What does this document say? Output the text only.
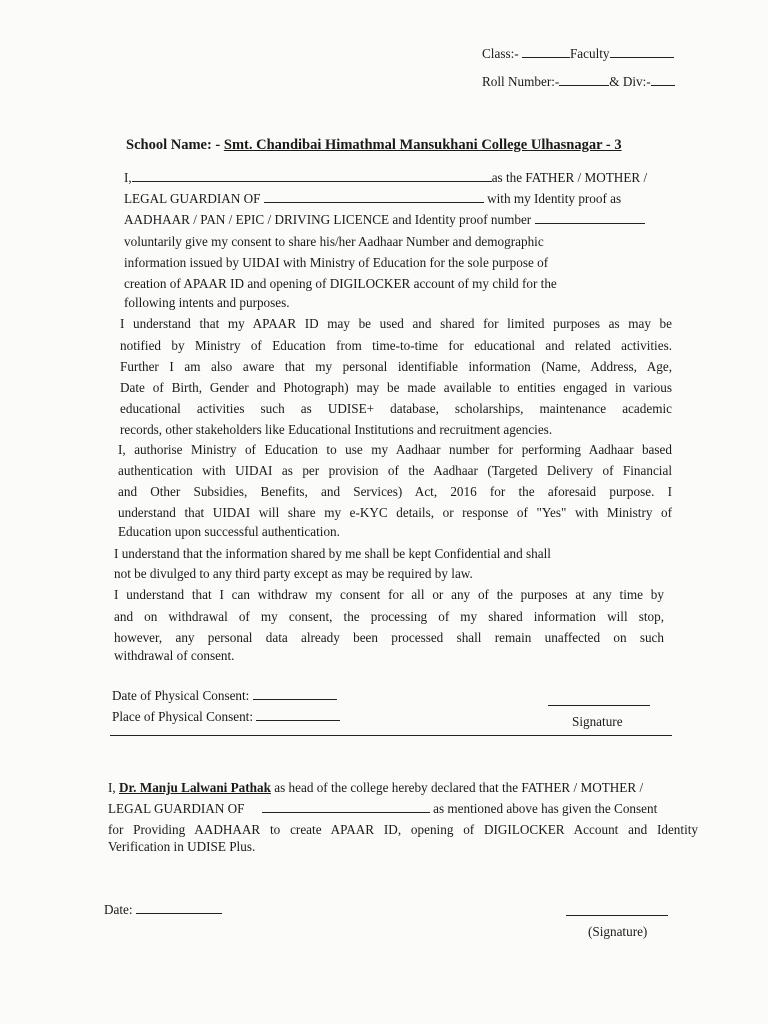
Class:-	Faculty
Roll Number:-	& Div:-
School Name: - Smt. Chandibai Himathmal Mansukhani College Ulhasnagar - 3
I,	as the FATHER / MOTHER /
LEGAL GUARDIAN OF	with my Identity proof as
AADHAAR / PAN / EPIC / DRIVING LICENCE and Identity proof number
voluntarily give my consent to share his/her Aadhaar Number and demographic
information issued by UIDAI with Ministry of Education for the sole purpose of
creation of APAAR ID and opening of DIGILOCKER account of my child for the
following intents and purposes.
I understand that my APAAR ID may be used and shared for limited purposes as may be
notified by Ministry of Education from time-to-time for educational and related activities.
Further I am also aware that my personal identifiable information (Name, Address, Age,
Date of Birth, Gender and Photograph) may be made available to entities engaged in various
educational activities such as UDISE+ database, scholarships, maintenance academic
records, other stakeholders like Educational Institutions and recruitment agencies.
I, authorise Ministry of Education to use my Aadhaar number for performing Aadhaar based
authentication with UIDAI as per provision of the Aadhaar (Targeted Delivery of Financial
and Other Subsidies, Benefits, and Services) Act, 2016 for the aforesaid purpose. I
understand that UIDAI will share my e-KYC details, or response of "Yes" with Ministry of
Education upon successful authentication.
I understand that the information shared by me shall be kept Confidential and shall
not be divulged to any third party except as may be required by law.
I understand that I can withdraw my consent for all or any of the purposes at any time by
and on withdrawal of my consent, the processing of my shared information will stop,
however, any personal data already been processed shall remain unaffected on such
withdrawal of consent.
Date of Physical Consent:
Place of Physical Consent:	Signature
I, Dr. Manju Lalwani Pathak as head of the college hereby declared that the FATHER / MOTHER /
LEGAL GUARDIAN OF	as mentioned above has given the Consent
for Providing AADHAAR to create APAAR ID, opening of DIGILOCKER Account and Identity
Verification in UDISE Plus.
Date:
(Signature)
